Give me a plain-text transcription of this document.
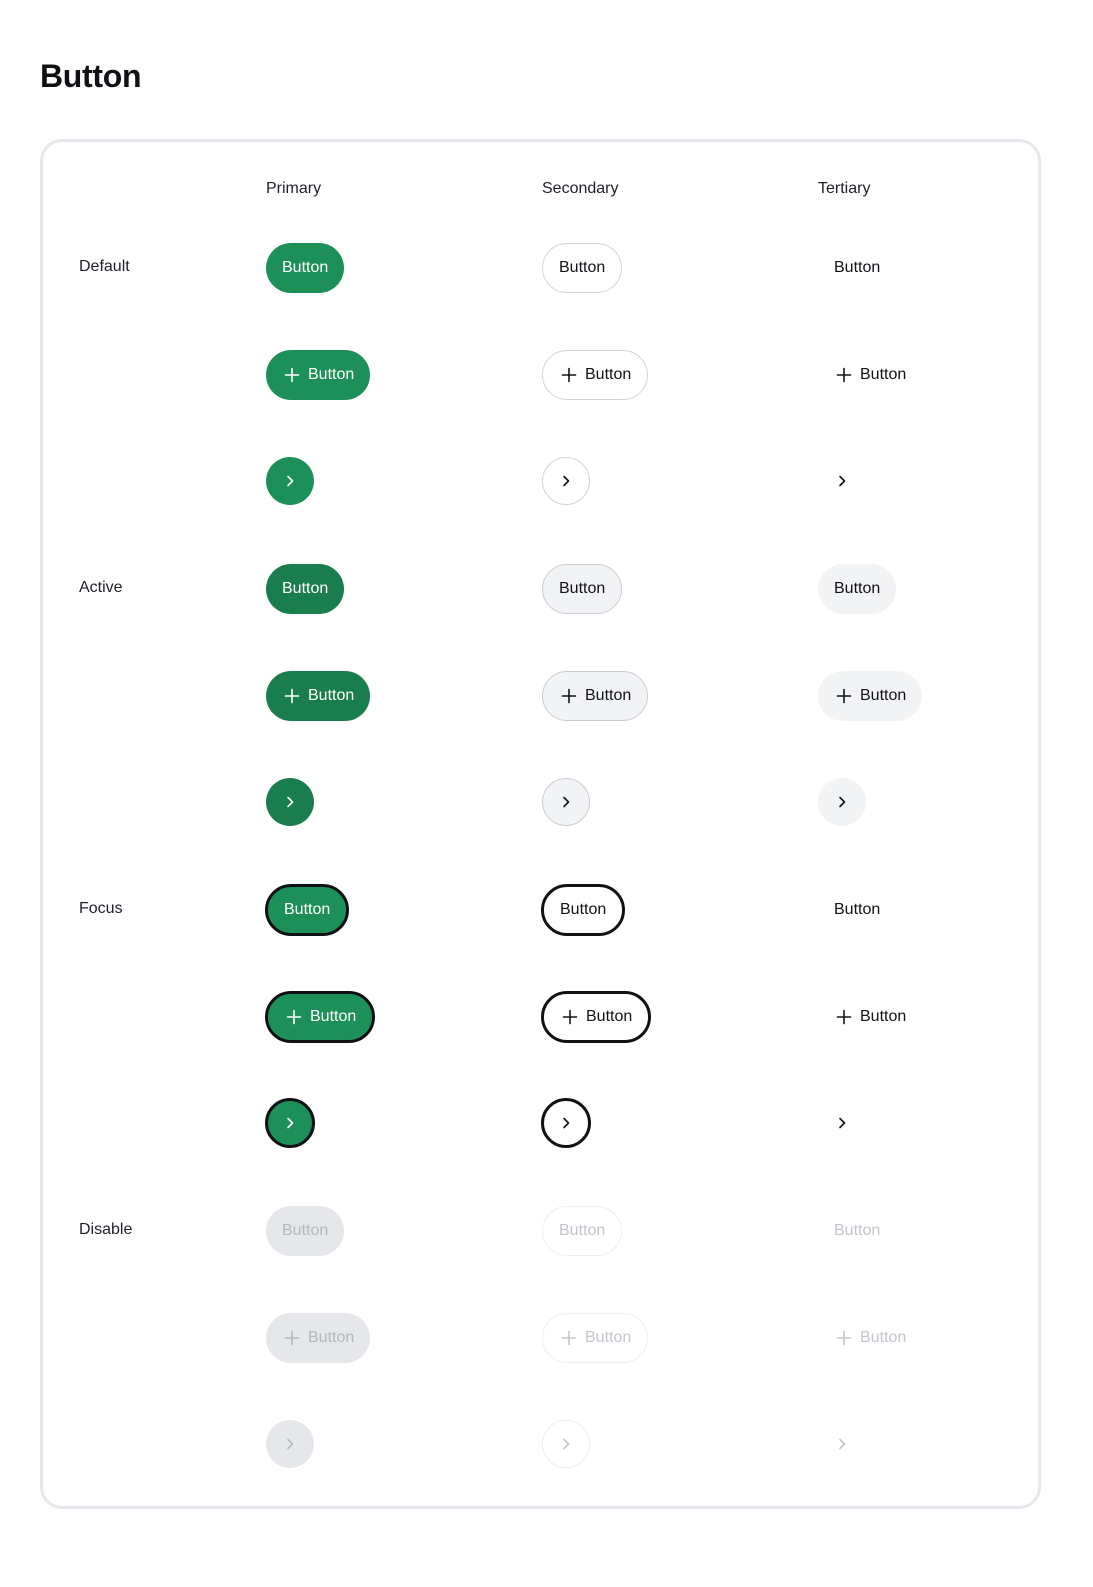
Button
Primary	Secondary	Tertiary
Default
Active
Focus
Disable
Button
Button
Button
Button
Button
Button
Button
Button
Button
Button
Button
Button
Button
Button
Button
Button
Button
Button
Button
Button
Button
Button
Button
Button
